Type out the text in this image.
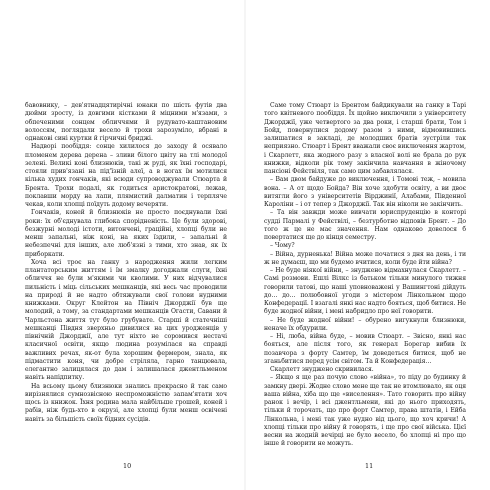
бавовнику, – дев'ятнадцятирічні юнаки по шість футів два дюйми зросту, із довгими кістками й міцними м'язами, з обпеченими сонцем обличчями й рудувато-каштановим волоссям, поглядали весело й трохи зарозуміло, вбрані в однакові сині куртки й гірчичні бриджі.

Надворі пообіддя: сонце хилилося до заходу й осявало пломенем дерева деренa – зливи білого цвіту на тлі молодої зелені. Великі коні близнюків, такі ж руді, як їхні господарі, стояли прив'язані на під'їзній алеї, а в ногах їм мотилися кілька худих гончаків, які всюди супроводжували Стюарта й Брента. Трохи подалі, як годиться аристократові, лежав, поклавши морду на лапи, плямистий далматин і терпляче чекав, коли хлопці поїдуть додому вечеряти.

Гончаків, коней й близнюків не просто поєднували їхні роки: їх об'єднувала глибока спорідненість. Це були здорові, безжурні молоді істоти, витончені, граційні, хлопці були не менш запальні, ніж коні, на яких їздили, – запальні й небезпечні для інших, але люб'язні з тими, хто знав, як їх приборкати.

Хоча всі троє на ганку з народження жили легким плантаторським життям і їм змалку догоджали слуги, їхні обличчя не були м'якими чи кволими. У них відчувалися пильність і міць сільських мешканців, які весь час проводили на природі й не надто обтяжували свої голови нудними книжками. Округ Клейтон на Північ Джорджії був ще молодий, а тому, за стандартами мешканців Огасти, Савани й Чарльстона життя тут було грубувате. Старші й статечніші мешканці Півдня зверхньо дивилися на цих уродженців у північній Джорджії, але тут ніхто не соромився нестачі класичної освіти, якщо людина розумілася на справді важливих речах, як-от була хорошим фермером, знала, як підмастити коня, чи добре стріляла, гарно танцювала, елегантно залицялася до дам і залишалася джентльменом навіть напідпитку.

На всьому цьому близнюки знались прекрасно й так само вирізнялися сумнозвісною неспроможністю запам'ятати хоч щось із книжок. Їхня родина мала найбільше грошей, коней і рабів, ніж будь-хто в окрузі, але хлопці були менш освічені навіть за більшість своїх бідних сусідів.

10

Саме тому Стюарт із Брентом байдикували на ганку в Тарі того квітневого пообіддя. Їх щойно виключили з університету Джорджії, уже четвертого за два роки, і старші брати, Том і Бойд, повернулися додому разом з ними, відмовившись залишатися в закладі, де молодших братів зустріли так неприязно. Стюарт і Брент вважали своє виключення жартом, і Скарлетт, яка жодного разу з власної волі не брала до рук книжки, відколи рік тому закінчила навчання в жіночому пансіоні Фейєтвіля, так само цим забавлялася.

– Вам двом байдуже до виключення, і Томові теж, – мовила вона. – А от щодо Бойда? Він хоче здобути освіту, а ви двоє витягли його з університетів Вірджинії, Алабами, Південної Кароліни – і от тепер з Джорджії. Так він ніколи не закінчить.

– Та він завжди може вивчати юриспруденцію в конторі судді Пармалі у Фейєтвілі, – безтурботно відповів Брент. – До того ж це не має значення. Нам однаково довелося б повертатися ще до кінця семестру.

– Чому?

– Війна, дурненька! Війна може початися з дня на день, і ти ж не думаєш, що ми будемо вчитися, коли буде йти війна?

– Не буде ніякої війни, – знуджено відмахнулася Скарлетт. – Самі розмови. Ешлі Вілкс із батьком тільки минулого тижня говорили татові, що наші уповноважені у Вашингтоні дійдуть до… до… полюбовної угоди з містером Лінкольном щодо Конфедерації. І взагалі янкі нас надто бояться, щоб битися. Не буде жодної війни, і мені набридло про неї говорити.

– Не буде жодної війни! – обурено вигукнули близнюки, неначе їх обдурили.

– Ні, люба, війна буде, – мовив Стюарт. – Звісно, янкі нас бояться, але після того, як генерал Борегар вибив їх позавчора з форту Самтер, їм доведеться битися, щоб не зганьбитися перед усім світом. Та й Конфедерація…

Скарлетт знуджено скривилася.

– Якщо я ще раз почую слово «війна», то піду до будинку й замкну двері. Жодне слово мене ще так не втомлювало, як оця ваша війна, хіба що ще «виселення». Тато говорить про війну ранок і вечір, і всі джентльмени, які до нього приходять, тільки й торочать, що про форт Самтер, права штатів, і Ейба Лінкольна, і мені так уже нудно від цього, що хоч кричи! А хлопці тільки про війну й говорять, і ще про свої війська. Цієї весни на жодній вечірці не було весело, бо хлопці ні про що інше й говорити не можуть.

11
